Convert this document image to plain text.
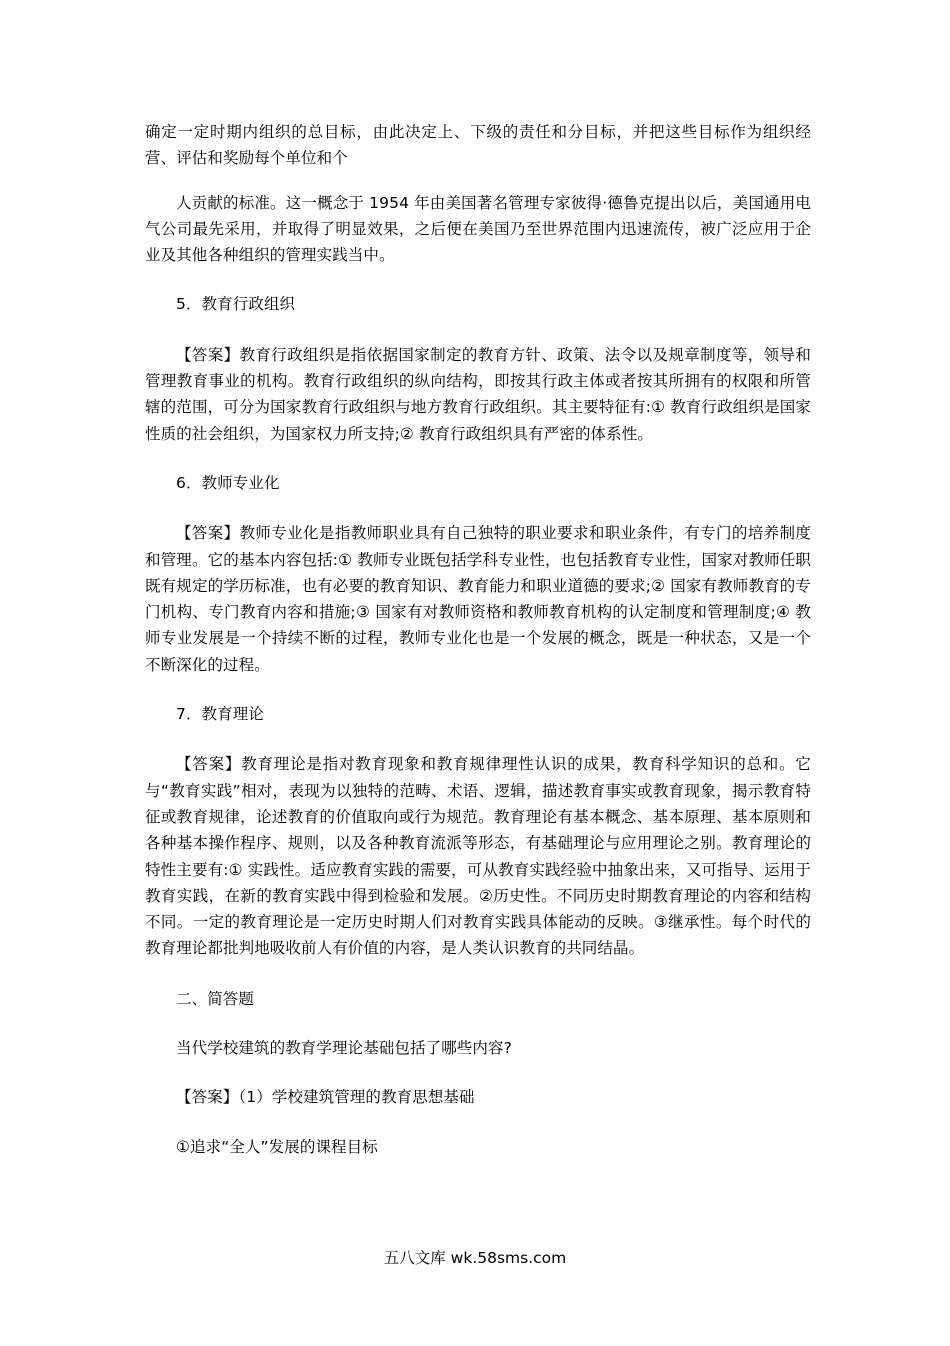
确定一定时期内组织的总目标，由此决定上、下级的责任和分目标，并把这些目标作为组织经营、评估和奖励每个单位和个

人贡献的标准。这一概念于 1954 年由美国著名管理专家彼得·德鲁克提出以后，美国通用电气公司最先采用，并取得了明显效果，之后便在美国乃至世界范围内迅速流传，被广泛应用于企业及其他各种组织的管理实践当中。

5．教育行政组织

【答案】教育行政组织是指依据国家制定的教育方针、政策、法令以及规章制度等，领导和管理教育事业的机构。教育行政组织的纵向结构，即按其行政主体或者按其所拥有的权限和所管辖的范围，可分为国家教育行政组织与地方教育行政组织。其主要特征有:① 教育行政组织是国家性质的社会组织，为国家权力所支持;② 教育行政组织具有严密的体系性。

6．教师专业化

【答案】教师专业化是指教师职业具有自己独特的职业要求和职业条件，有专门的培养制度和管理。它的基本内容包括:① 教师专业既包括学科专业性，也包括教育专业性，国家对教师任职既有规定的学历标准，也有必要的教育知识、教育能力和职业道德的要求;② 国家有教师教育的专门机构、专门教育内容和措施;③ 国家有对教师资格和教师教育机构的认定制度和管理制度;④ 教师专业发展是一个持续不断的过程，教师专业化也是一个发展的概念，既是一种状态，又是一个不断深化的过程。

7．教育理论

【答案】教育理论是指对教育现象和教育规律理性认识的成果，教育科学知识的总和。它与“教育实践”相对，表现为以独特的范畴、术语、逻辑，描述教育事实或教育现象，揭示教育特征或教育规律，论述教育的价值取向或行为规范。教育理论有基本概念、基本原理、基本原则和各种基本操作程序、规则，以及各种教育流派等形态，有基础理论与应用理论之别。教育理论的特性主要有:① 实践性。适应教育实践的需要，可从教育实践经验中抽象出来，又可指导、运用于教育实践，在新的教育实践中得到检验和发展。②历史性。不同历史时期教育理论的内容和结构不同。一定的教育理论是一定历史时期人们对教育实践具体能动的反映。③继承性。每个时代的教育理论都批判地吸收前人有价值的内容，是人类认识教育的共同结晶。

二、简答题

当代学校建筑的教育学理论基础包括了哪些内容?

【答案】（1）学校建筑管理的教育思想基础

①追求“全人”发展的课程目标

五八文库 wk.58sms.com
